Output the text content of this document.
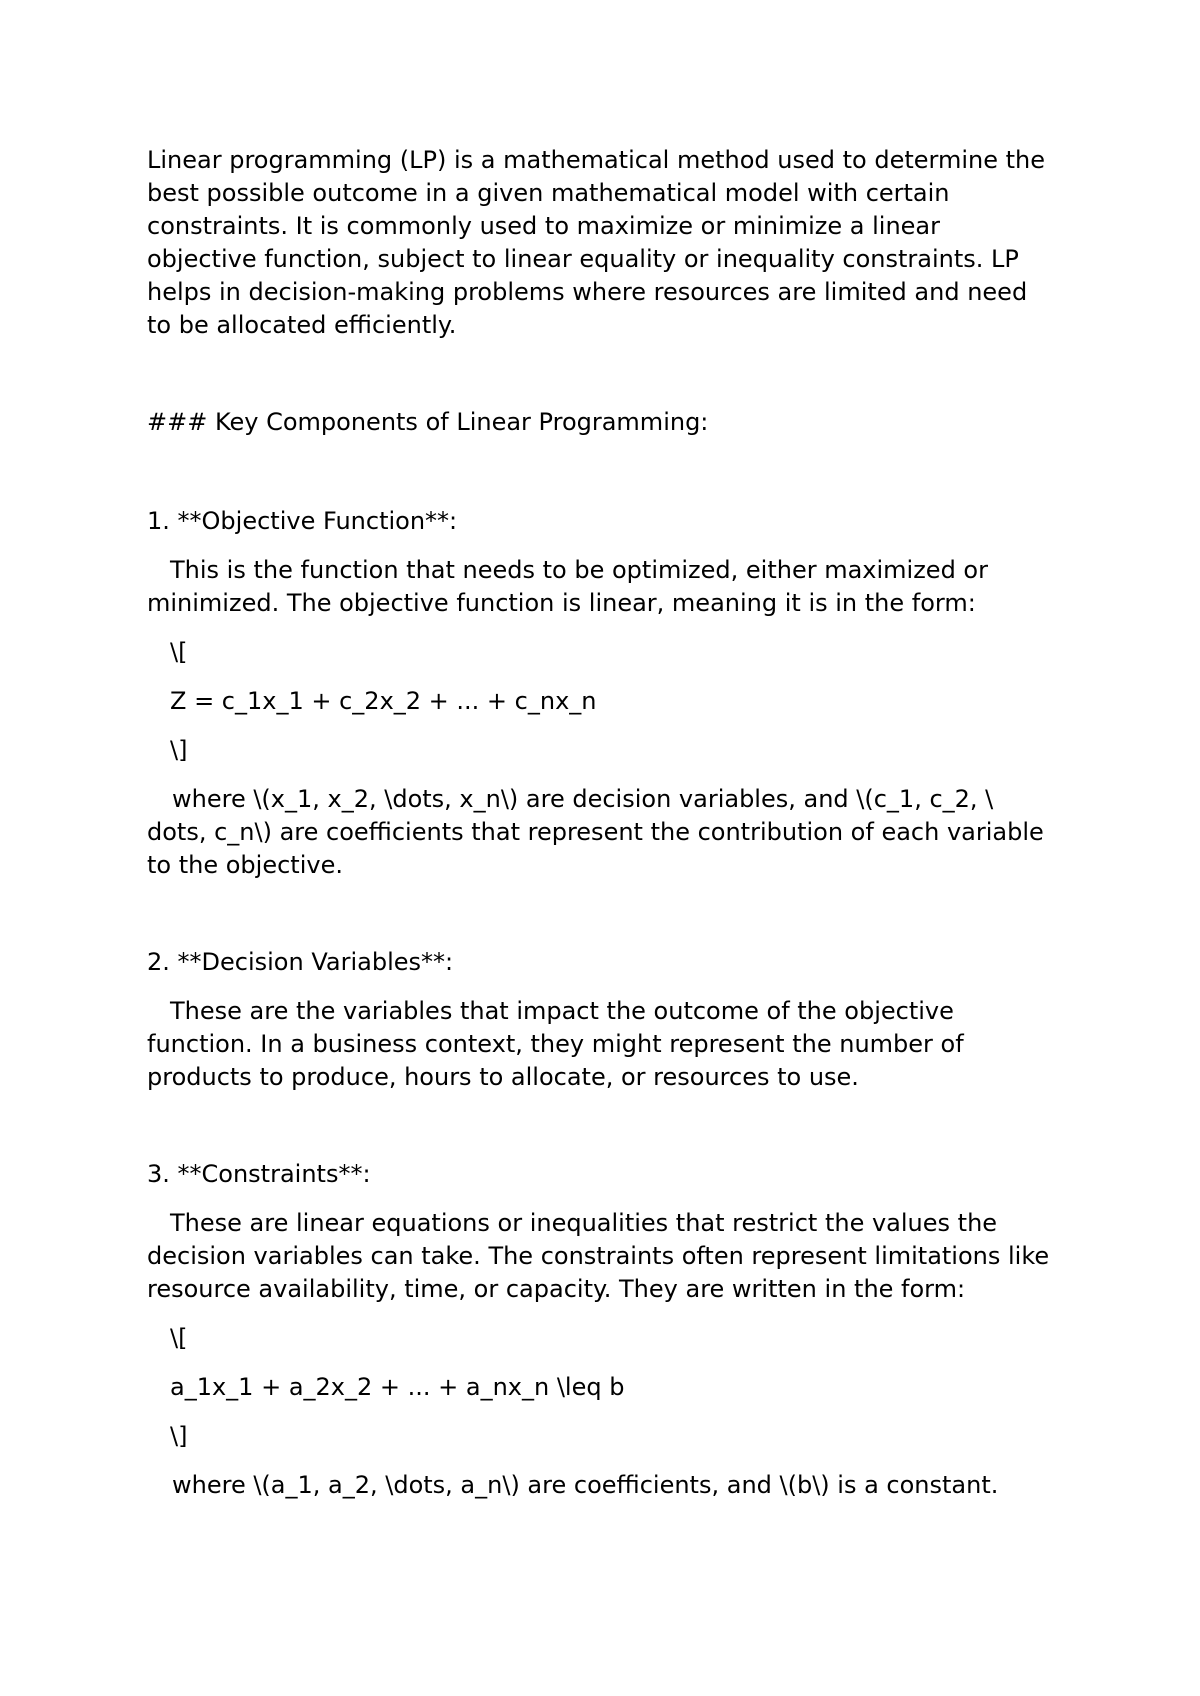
Linear programming (LP) is a mathematical method used to determine the

best possible outcome in a given mathematical model with certain

constraints. It is commonly used to maximize or minimize a linear

objective function, subject to linear equality or inequality constraints. LP

helps in decision-making problems where resources are limited and need

to be allocated efficiently.

### Key Components of Linear Programming:

1. **Objective Function**:

This is the function that needs to be optimized, either maximized or

minimized. The objective function is linear, meaning it is in the form:

\[

Z = c_1x_1 + c_2x_2 + ... + c_nx_n

\]

where \(x_1, x_2, \dots, x_n\) are decision variables, and \(c_1, c_2, \

dots, c_n\) are coefficients that represent the contribution of each variable

to the objective.

2. **Decision Variables**:

These are the variables that impact the outcome of the objective

function. In a business context, they might represent the number of

products to produce, hours to allocate, or resources to use.

3. **Constraints**:

These are linear equations or inequalities that restrict the values the

decision variables can take. The constraints often represent limitations like

resource availability, time, or capacity. They are written in the form:

\[

a_1x_1 + a_2x_2 + ... + a_nx_n \leq b

\]

where \(a_1, a_2, \dots, a_n\) are coefficients, and \(b\) is a constant.
